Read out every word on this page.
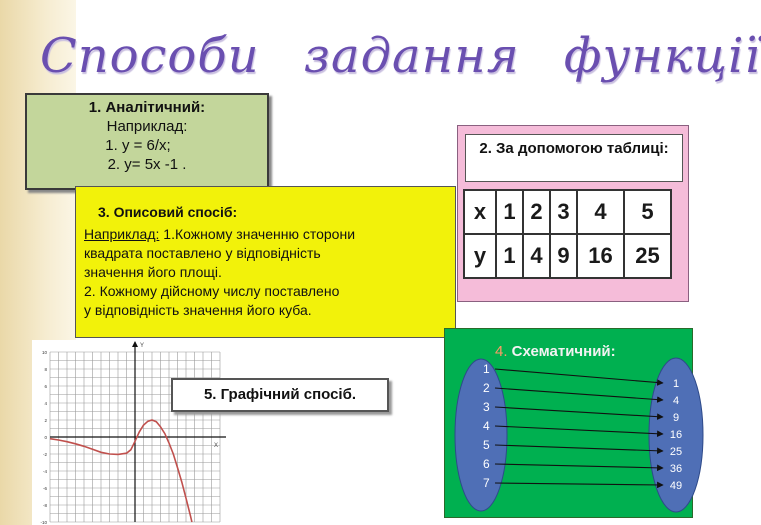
Способи задання функції
1. Аналітичний:
Наприклад:
1. y = 6/x;
2. y= 5x -1 .
3. Описовий спосіб:
Наприклад: 1.Кожному значенню сторони
квадрата поставлено у відповідність
значення його площі.
2. Кожному дійсному числу поставлено
у відповідність значення його куба.
2. За допомогою таблиці:
x	1	2	3	4	5
y	1	4	9	16	25
Y
X
10
8
6
4
2
0
-2
-4
-6
-8
-10
5. Графічний спосіб.
4. Схематичний:
1
2
3
4
5
6
7
1
4
9
16
25
36
49
